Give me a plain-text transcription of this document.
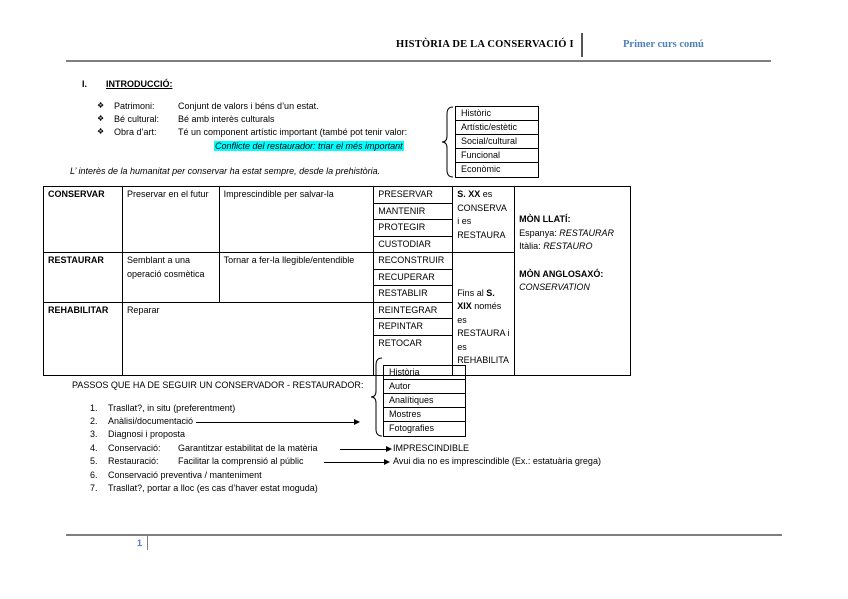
HISTÒRIA DE LA CONSERVACIÓ I	Primer curs comú
I. INTRODUCCIÓ:
❖ Patrimoni:	Conjunt de valors i béns d’un estat.
❖ Bé cultural: Bé amb interès culturals
❖ Obra d’art: Té un component artístic important (també pot tenir valor:
Conflicte del restaurador: triar el més important
Històric
Artístic/estètic
Social/cultural
Funcional
Econòmic
L’ interès de la humanitat per conservar ha estat sempre, desde la prehistòria.
CONSERVAR	Preservar en el futur	Imprescindible per salvar-la	PRESERVAR	S. XX es CONSERVA i es RESTAURA	MÒN LLATÍ:
Espanya: RESTAURAR
Itàlia: RESTAURO
MÒN ANGLOSAXÓ:
CONSERVATION

			MANTENIR		
			PROTEGIR		
			CUSTODIAR		
RESTAURAR	Semblant a una operació cosmètica	Tornar a fer-la llegible/entendible	RECONSTRUIR		
			RECUPERAR		
			RESTABLIR	Fins al S. XIX només es RESTAURA i es REHABILITA	
REHABILITAR	Reparar		REINTEGRAR		
			REPINTAR		
			RETOCAR		
PASSOS QUE HA DE SEGUIR UN CONSERVADOR - RESTAURADOR:
Història
Autor
Analítiques
Mostres
Fotografies
1. Trasllat?, in situ (preferentment)
2. Anàlisi/documentació
3. Diagnosi i proposta
4. Conservació: Garantitzar estabilitat de la matèria	IMPRESCINDIBLE
5. Restauració: Facilitar la comprensió al públic	Avui dia no es imprescindible (Ex.: estatuària grega)
6. Conservació preventiva / manteniment
7. Trasllat?, portar a lloc (es cas d’haver estat moguda)
1
